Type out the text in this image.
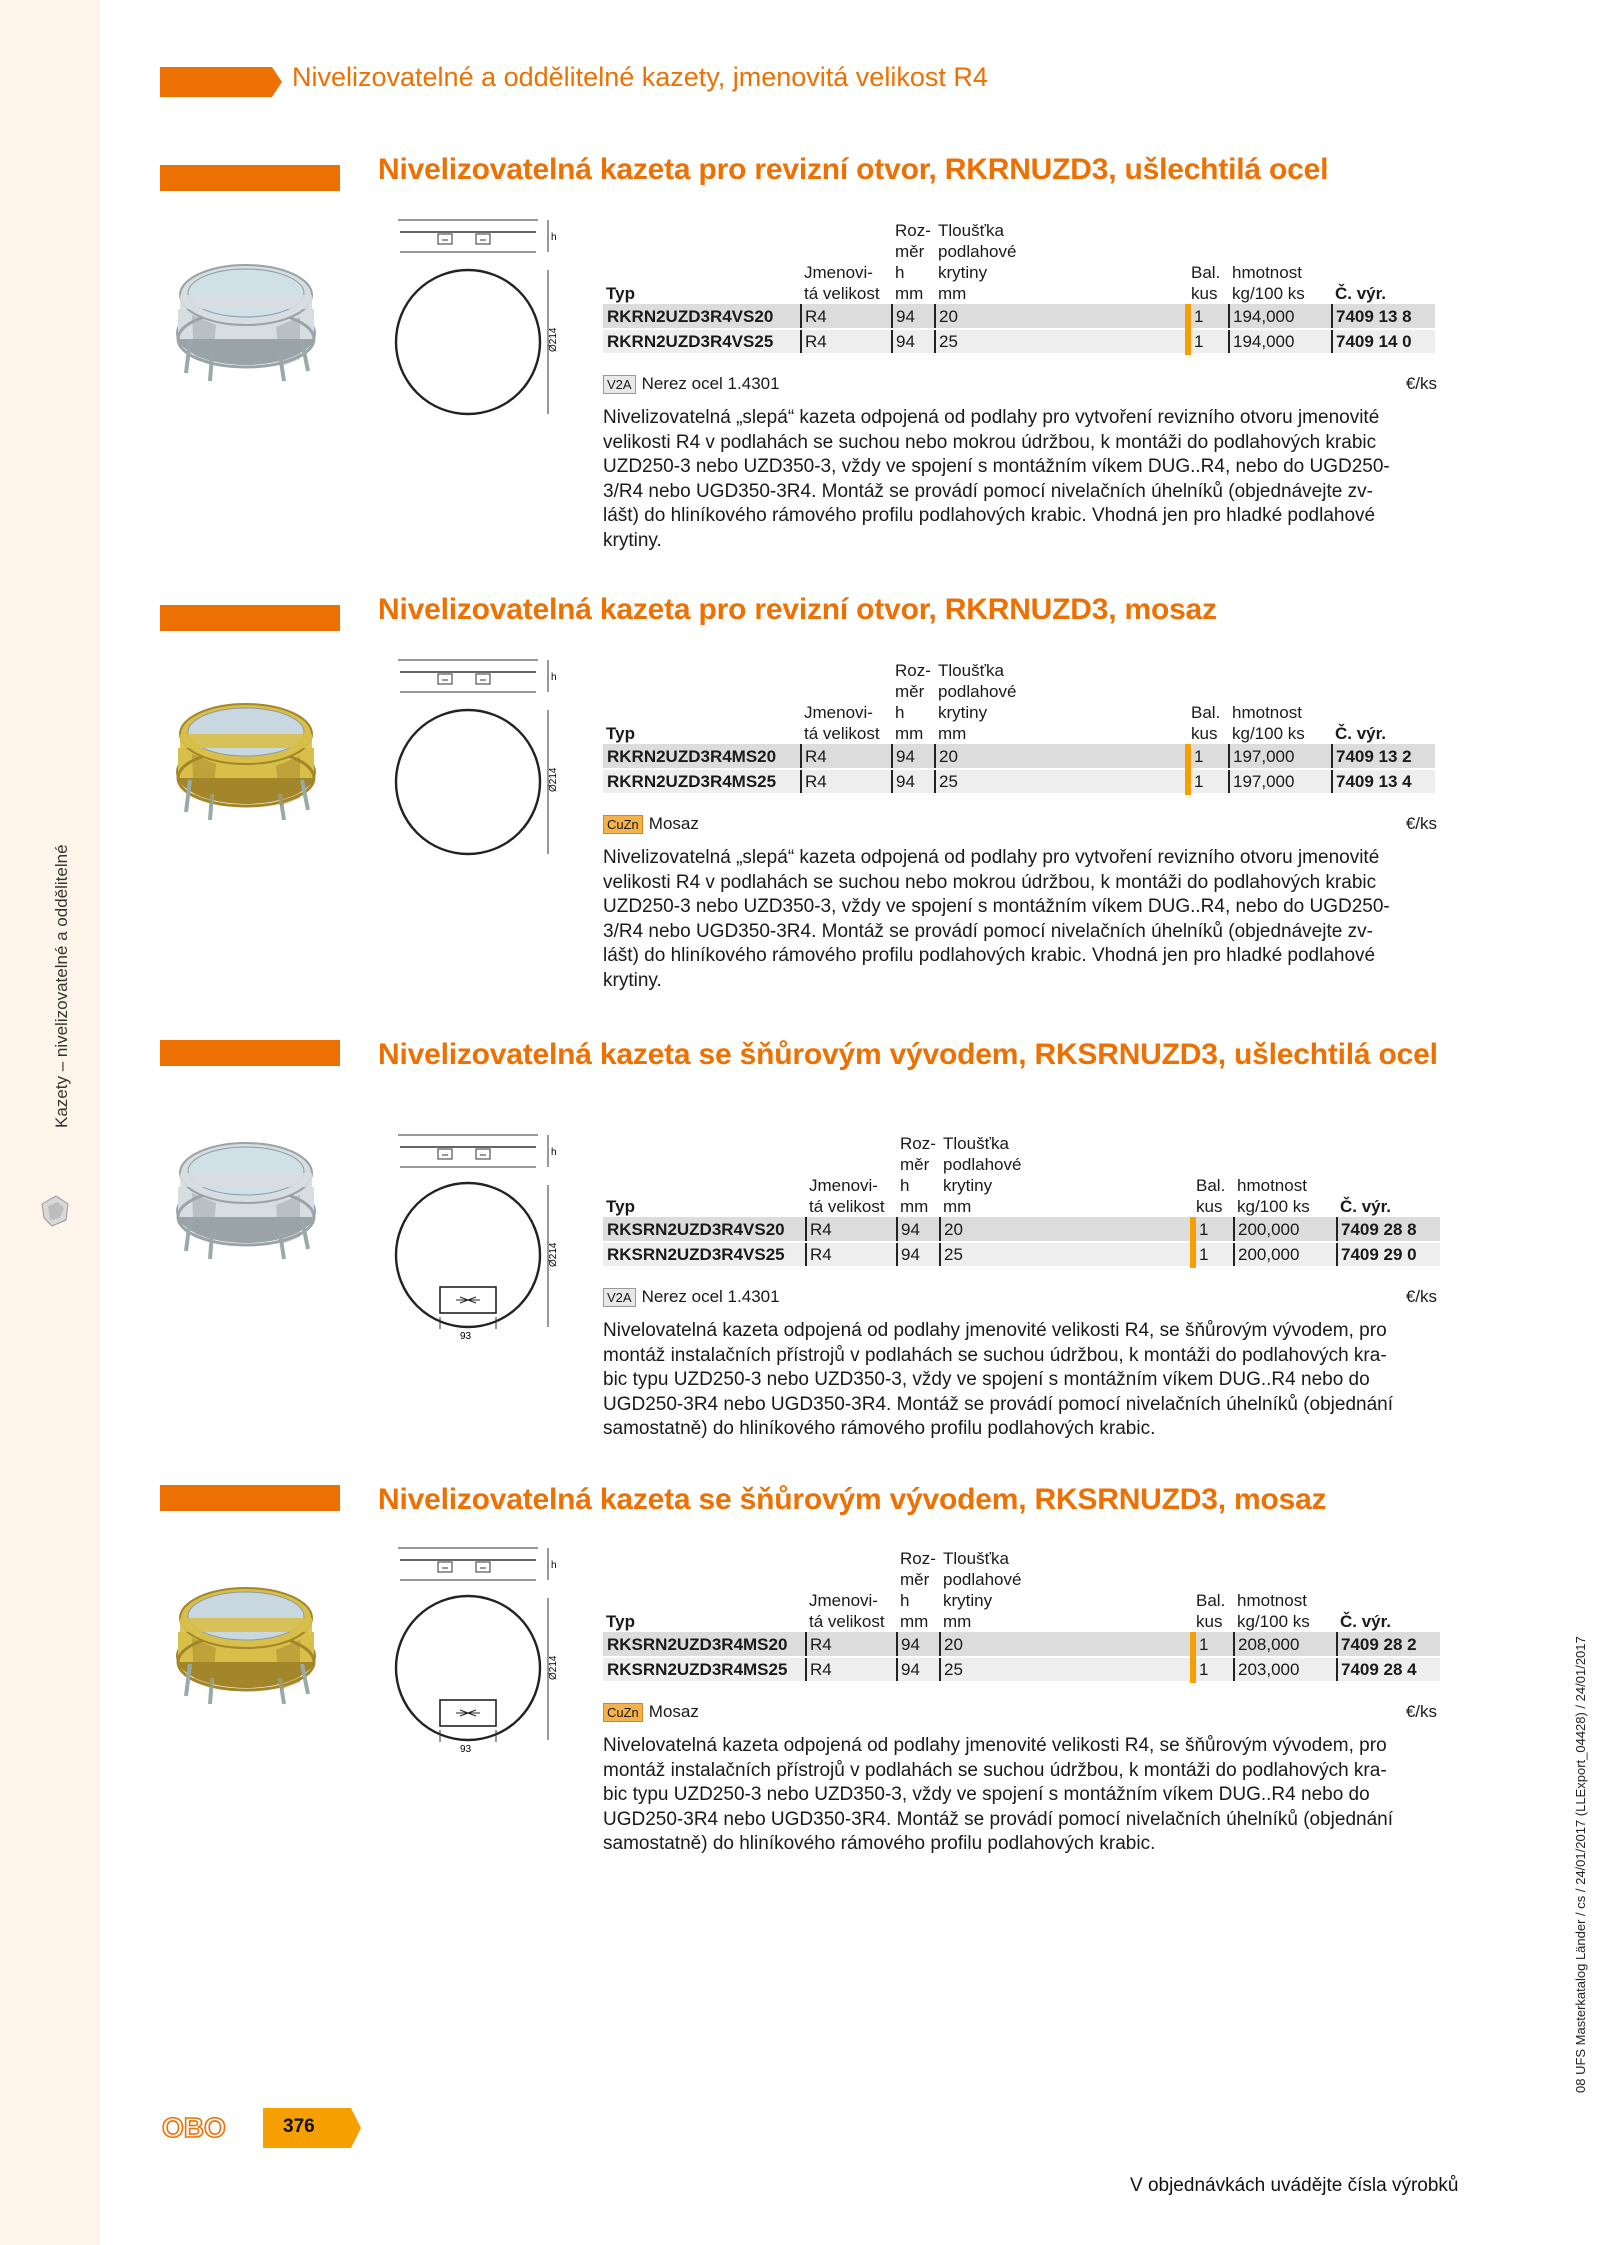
Kazety – nivelizovatelné a oddělitelné
08 UFS Masterkatalog Länder / cs / 24/01/2017 (LLExport_04428) / 24/01/2017
Nivelizovatelné a oddělitelné kazety, jmenovitá velikost R4
Nivelizovatelná kazeta pro revizní otvor, RKRNUZD3, ušlechtilá ocel
h
Ø214
		Roz-	Tloušťka			
		měr	podlahové			
	Jmenovi-	h	krytiny	Bal.	hmotnost	
Typ	tá velikost	mm	mm	kus	kg/100 ks	Č. výr.
RKRN2UZD3R4VS20	R4	94	20	1	194,000	7409 13 8
RKRN2UZD3R4VS25	R4	94	25	1	194,000	7409 14 0
V2A Nerez ocel 1.4301	€/ks
Nivelizovatelná „slepá“ kazeta odpojená od podlahy pro vytvoření revizního otvoru jmenovité
velikosti R4 v podlahách se suchou nebo mokrou údržbou, k montáži do podlahových krabic
UZD250-3 nebo UZD350-3, vždy ve spojení s montážním víkem DUG..R4, nebo do UGD250-
3/R4 nebo UGD350-3R4. Montáž se provádí pomocí nivelačních úhelníků (objednávejte zv-
lášt) do hliníkového rámového profilu podlahových krabic. Vhodná jen pro hladké podlahové
krytiny.
Nivelizovatelná kazeta pro revizní otvor, RKRNUZD3, mosaz
h
Ø214
		Roz-	Tloušťka			
		měr	podlahové			
	Jmenovi-	h	krytiny	Bal.	hmotnost	
Typ	tá velikost	mm	mm	kus	kg/100 ks	Č. výr.
RKRN2UZD3R4MS20	R4	94	20	1	197,000	7409 13 2
RKRN2UZD3R4MS25	R4	94	25	1	197,000	7409 13 4
CuZn Mosaz	€/ks
Nivelizovatelná „slepá“ kazeta odpojená od podlahy pro vytvoření revizního otvoru jmenovité
velikosti R4 v podlahách se suchou nebo mokrou údržbou, k montáži do podlahových krabic
UZD250-3 nebo UZD350-3, vždy ve spojení s montážním víkem DUG..R4, nebo do UGD250-
3/R4 nebo UGD350-3R4. Montáž se provádí pomocí nivelačních úhelníků (objednávejte zv-
lášt) do hliníkového rámového profilu podlahových krabic. Vhodná jen pro hladké podlahové
krytiny.
Nivelizovatelná kazeta se šňůrovým vývodem, RKSRNUZD3, ušlechtilá ocel
h
93
Ø214
		Roz-	Tloušťka			
		měr	podlahové			
	Jmenovi-	h	krytiny	Bal.	hmotnost	
Typ	tá velikost	mm	mm	kus	kg/100 ks	Č. výr.
RKSRN2UZD3R4VS20	R4	94	20	1	200,000	7409 28 8
RKSRN2UZD3R4VS25	R4	94	25	1	200,000	7409 29 0
V2A Nerez ocel 1.4301	€/ks
Nivelovatelná kazeta odpojená od podlahy jmenovité velikosti R4, se šňůrovým vývodem, pro
montáž instalačních přístrojů v podlahách se suchou údržbou, k montáži do podlahových kra-
bic typu UZD250-3 nebo UZD350-3, vždy ve spojení s montážním víkem DUG..R4 nebo do
UGD250-3R4 nebo UGD350-3R4. Montáž se provádí pomocí nivelačních úhelníků (objednání
samostatně) do hliníkového rámového profilu podlahových krabic.
Nivelizovatelná kazeta se šňůrovým vývodem, RKSRNUZD3, mosaz
h
93
Ø214
		Roz-	Tloušťka			
		měr	podlahové			
	Jmenovi-	h	krytiny	Bal.	hmotnost	
Typ	tá velikost	mm	mm	kus	kg/100 ks	Č. výr.
RKSRN2UZD3R4MS20	R4	94	20	1	208,000	7409 28 2
RKSRN2UZD3R4MS25	R4	94	25	1	203,000	7409 28 4
CuZn Mosaz	€/ks
Nivelovatelná kazeta odpojená od podlahy jmenovité velikosti R4, se šňůrovým vývodem, pro
montáž instalačních přístrojů v podlahách se suchou údržbou, k montáži do podlahových kra-
bic typu UZD250-3 nebo UZD350-3, vždy ve spojení s montážním víkem DUG..R4 nebo do
UGD250-3R4 nebo UGD350-3R4. Montáž se provádí pomocí nivelačních úhelníků (objednání
samostatně) do hliníkového rámového profilu podlahových krabic.
OBO	376
V objednávkách uvádějte čísla výrobků
